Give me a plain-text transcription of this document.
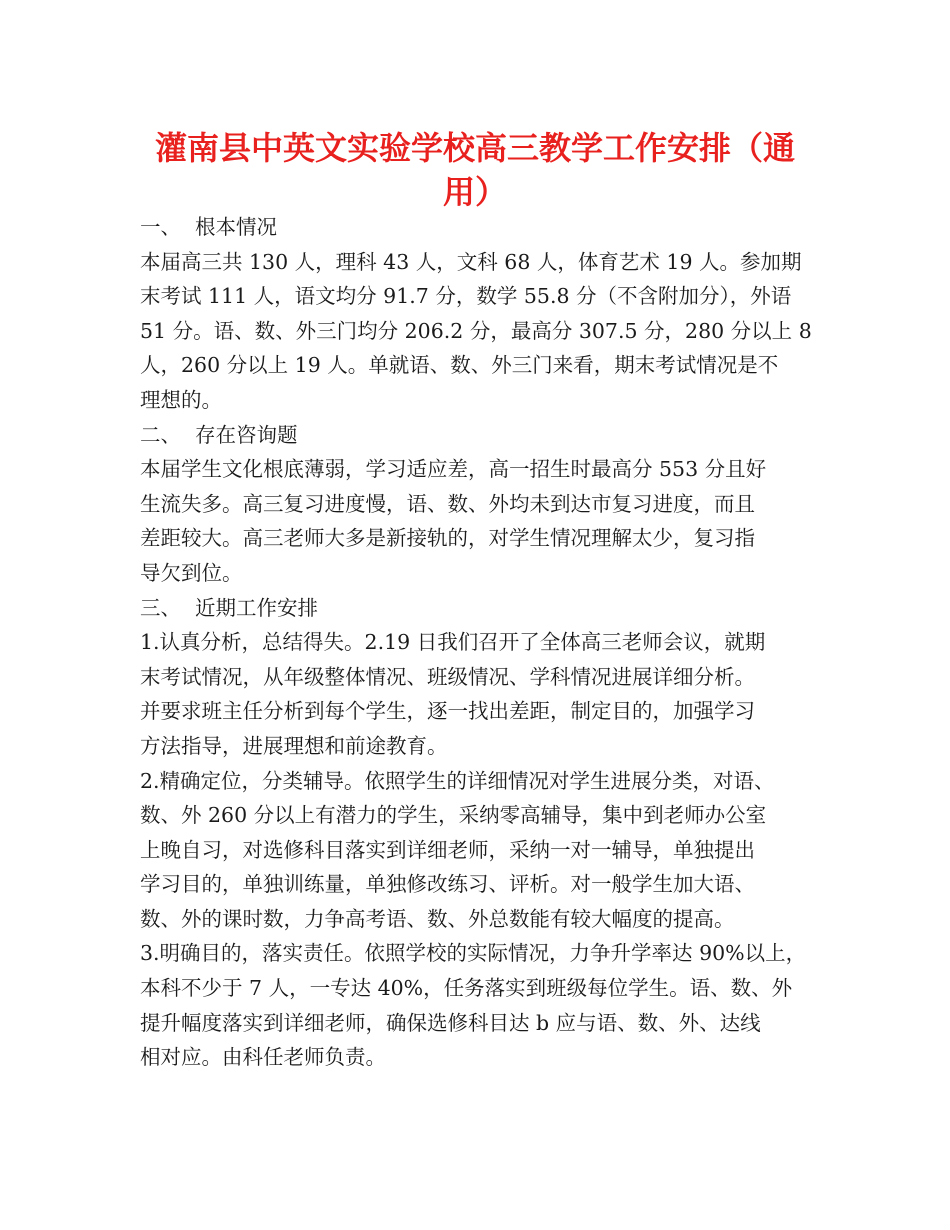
灌南县中英文实验学校高三教学工作安排（通
用）
一、 根本情况
本届高三共 130 人，理科 43 人，文科 68 人，体育艺术 19 人。参加期
末考试 111 人，语文均分 91.7 分，数学 55.8 分（不含附加分），外语
51 分。语、数、外三门均分 206.2 分，最高分 307.5 分，280 分以上 8
人，260 分以上 19 人。单就语、数、外三门来看，期末考试情况是不
理想的。
二、 存在咨询题
本届学生文化根底薄弱，学习适应差，高一招生时最高分 553 分且好
生流失多。高三复习进度慢，语、数、外均未到达市复习进度，而且
差距较大。高三老师大多是新接轨的，对学生情况理解太少，复习指
导欠到位。
三、 近期工作安排
1.认真分析，总结得失。2.19 日我们召开了全体高三老师会议，就期
末考试情况，从年级整体情况、班级情况、学科情况进展详细分析。
并要求班主任分析到每个学生，逐一找出差距，制定目的，加强学习
方法指导，进展理想和前途教育。
2.精确定位，分类辅导。依照学生的详细情况对学生进展分类，对语、
数、外 260 分以上有潜力的学生，采纳零高辅导，集中到老师办公室
上晚自习，对选修科目落实到详细老师，采纳一对一辅导，单独提出
学习目的，单独训练量，单独修改练习、评析。对一般学生加大语、
数、外的课时数，力争高考语、数、外总数能有较大幅度的提高。
3.明确目的，落实责任。依照学校的实际情况，力争升学率达 90%以上，
本科不少于 7 人，一专达 40%，任务落实到班级每位学生。语、数、外
提升幅度落实到详细老师，确保选修科目达 b 应与语、数、外、达线
相对应。由科任老师负责。
